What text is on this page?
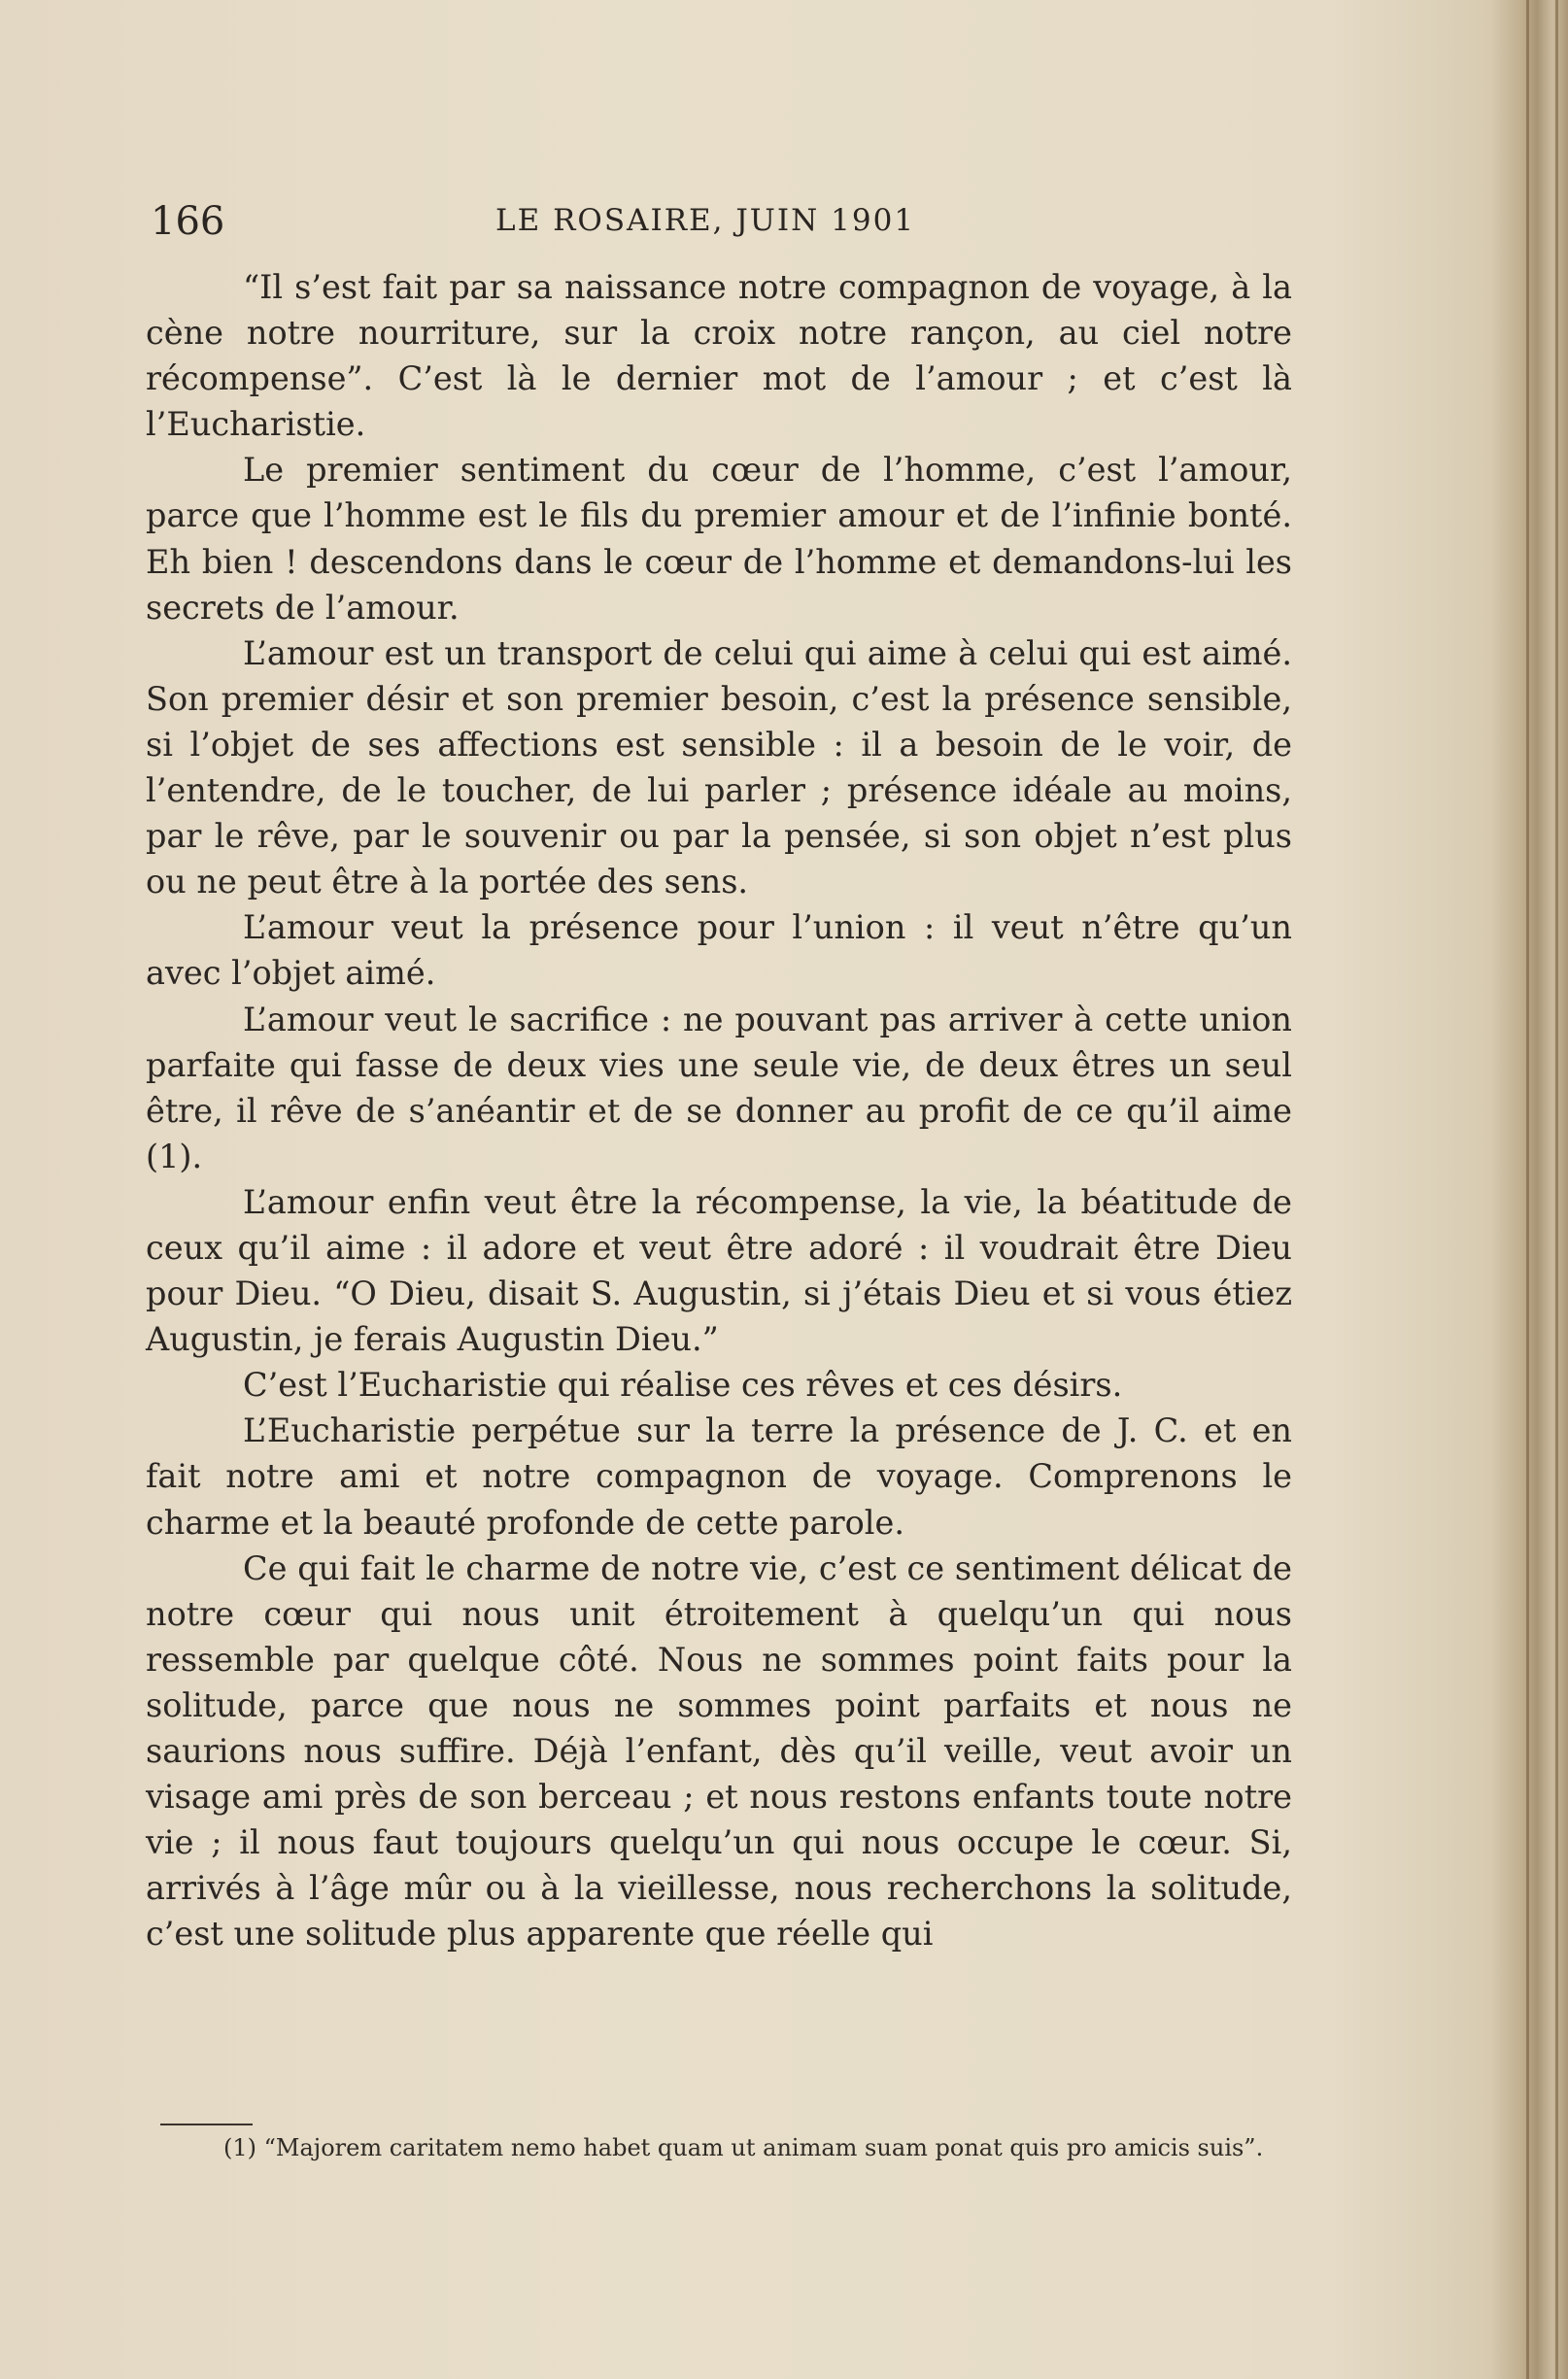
166	LE ROSAIRE, JUIN 1901

“Il s’est fait par sa naissance notre compagnon de voyage, à la cène notre nourriture, sur la croix notre rançon, au ciel notre récompense”. C’est là le dernier mot de l’amour ; et c’est là l’Eucharistie.

Le premier sentiment du cœur de l’homme, c’est l’amour, parce que l’homme est le fils du premier amour et de l’infinie bonté. Eh bien ! descendons dans le cœur de l’homme et demandons-lui les secrets de l’amour.

L’amour est un transport de celui qui aime à celui qui est aimé. Son premier désir et son premier besoin, c’est la présence sensible, si l’objet de ses affections est sensible : il a besoin de le voir, de l’entendre, de le toucher, de lui parler ; présence idéale au moins, par le rêve, par le souvenir ou par la pensée, si son objet n’est plus ou ne peut être à la portée des sens.

L’amour veut la présence pour l’union : il veut n’être qu’un avec l’objet aimé.

L’amour veut le sacrifice : ne pouvant pas arriver à cette union parfaite qui fasse de deux vies une seule vie, de deux êtres un seul être, il rêve de s’anéantir et de se donner au profit de ce qu’il aime (1).

L’amour enfin veut être la récompense, la vie, la béatitude de ceux qu’il aime : il adore et veut être adoré : il voudrait être Dieu pour Dieu. “O Dieu, disait S. Augustin, si j’étais Dieu et si vous étiez Augustin, je ferais Augustin Dieu.”

C’est l’Eucharistie qui réalise ces rêves et ces désirs.

L’Eucharistie perpétue sur la terre la présence de J. C. et en fait notre ami et notre compagnon de voyage. Comprenons le charme et la beauté profonde de cette parole.

Ce qui fait le charme de notre vie, c’est ce sentiment délicat de notre cœur qui nous unit étroitement à quelqu’un qui nous ressemble par quelque côté. Nous ne sommes point faits pour la solitude, parce que nous ne sommes point parfaits et nous ne saurions nous suffire. Déjà l’enfant, dès qu’il veille, veut avoir un visage ami près de son berceau ; et nous restons enfants toute notre vie ; il nous faut toujours quelqu’un qui nous occupe le cœur. Si, arrivés à l’âge mûr ou à la vieillesse, nous recherchons la solitude, c’est une solitude plus apparente que réelle qui

(1) “Majorem caritatem nemo habet quam ut animam suam ponat quis pro amicis suis”.
